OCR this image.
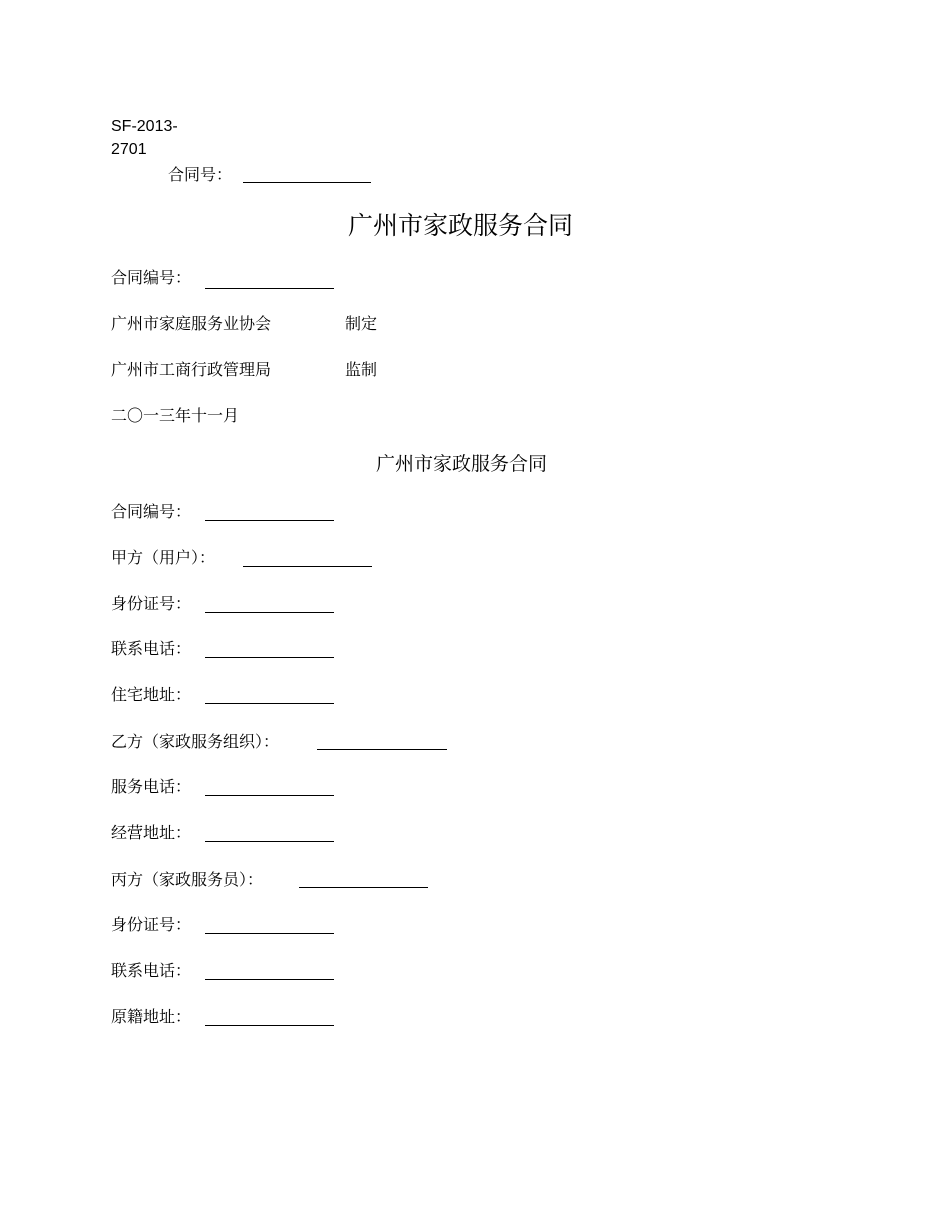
SF-2013-
2701
合同号：
广州市家政服务合同
合同编号：
广州市家庭服务业协会	制定
广州市工商行政管理局	监制
二〇一三年十一月
广州市家政服务合同
合同编号：
甲方（用户）：
身份证号：
联系电话：
住宅地址：
乙方（家政服务组织）：
服务电话：
经营地址：
丙方（家政服务员）：
身份证号：
联系电话：
原籍地址：
